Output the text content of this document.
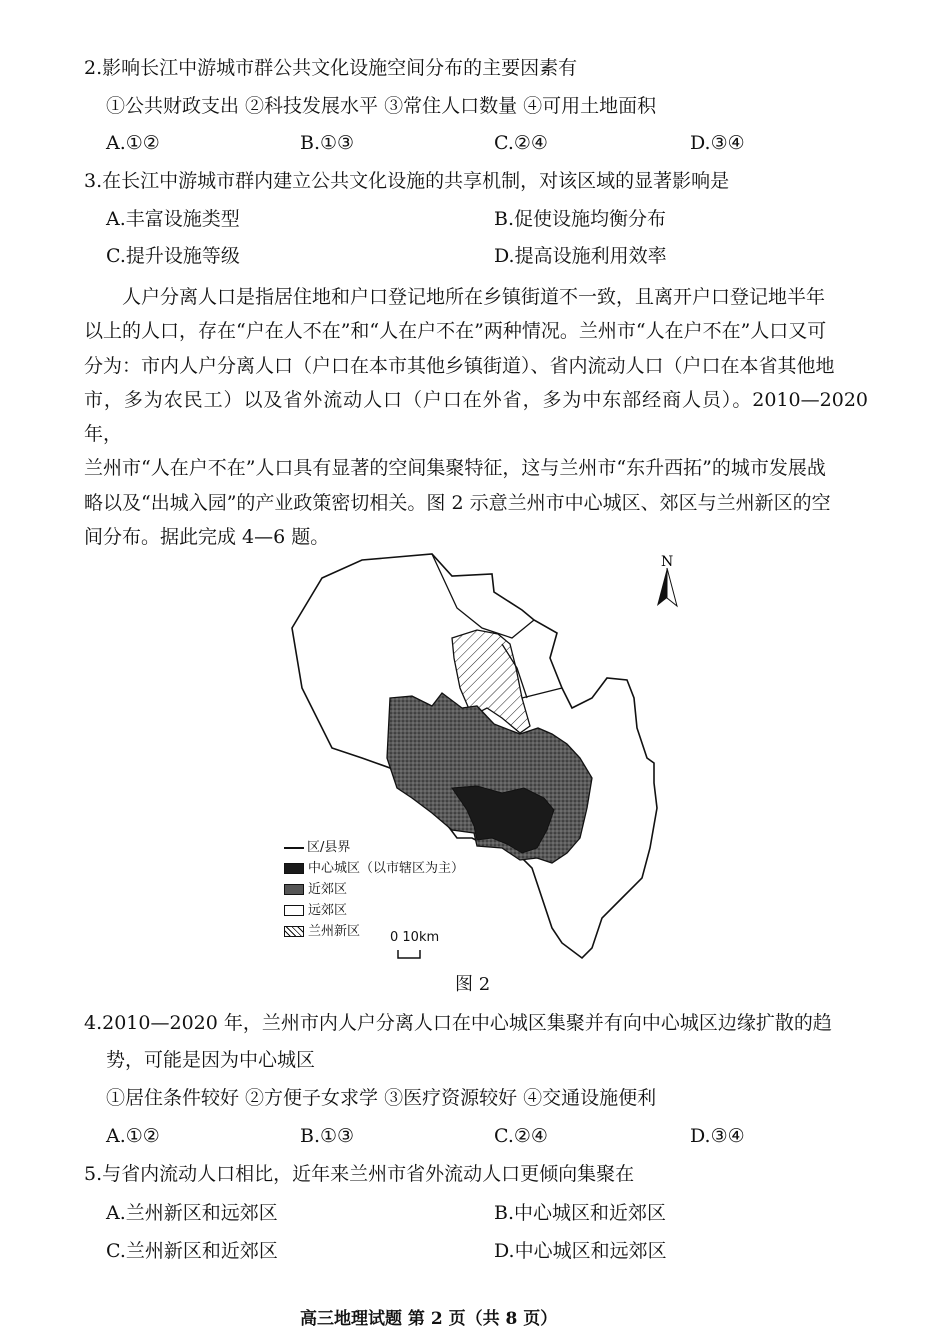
2.影响长江中游城市群公共文化设施空间分布的主要因素有
①公共财政支出 ②科技发展水平 ③常住人口数量 ④可用土地面积
A.①②	B.①③	C.②④	D.③④
3.在长江中游城市群内建立公共文化设施的共享机制，对该区域的显著影响是
A.丰富设施类型	B.促使设施均衡分布
C.提升设施等级	D.提高设施利用效率
人户分离人口是指居住地和户口登记地所在乡镇街道不一致，且离开户口登记地半年
以上的人口，存在“户在人不在”和“人在户不在”两种情况。兰州市“人在户不在”人口又可
分为：市内人户分离人口（户口在本市其他乡镇街道）、省内流动人口（户口在本省其他地
市，多为农民工）以及省外流动人口（户口在外省，多为中东部经商人员）。2010—2020 年，
兰州市“人在户不在”人口具有显著的空间集聚特征，这与兰州市“东升西拓”的城市发展战
略以及“出城入园”的产业政策密切相关。图 2 示意兰州市中心城区、郊区与兰州新区的空
间分布。据此完成 4—6 题。
N
区/县界
中心城区（以市辖区为主）
近郊区
远郊区
兰州新区 0 10km
图 2
4.2010—2020 年，兰州市内人户分离人口在中心城区集聚并有向中心城区边缘扩散的趋
势，可能是因为中心城区
①居住条件较好 ②方便子女求学 ③医疗资源较好 ④交通设施便利
A.①②	B.①③	C.②④	D.③④
5.与省内流动人口相比，近年来兰州市省外流动人口更倾向集聚在
A.兰州新区和远郊区	B.中心城区和近郊区
C.兰州新区和近郊区	D.中心城区和远郊区
高三地理试题 第 2 页（共 8 页）
